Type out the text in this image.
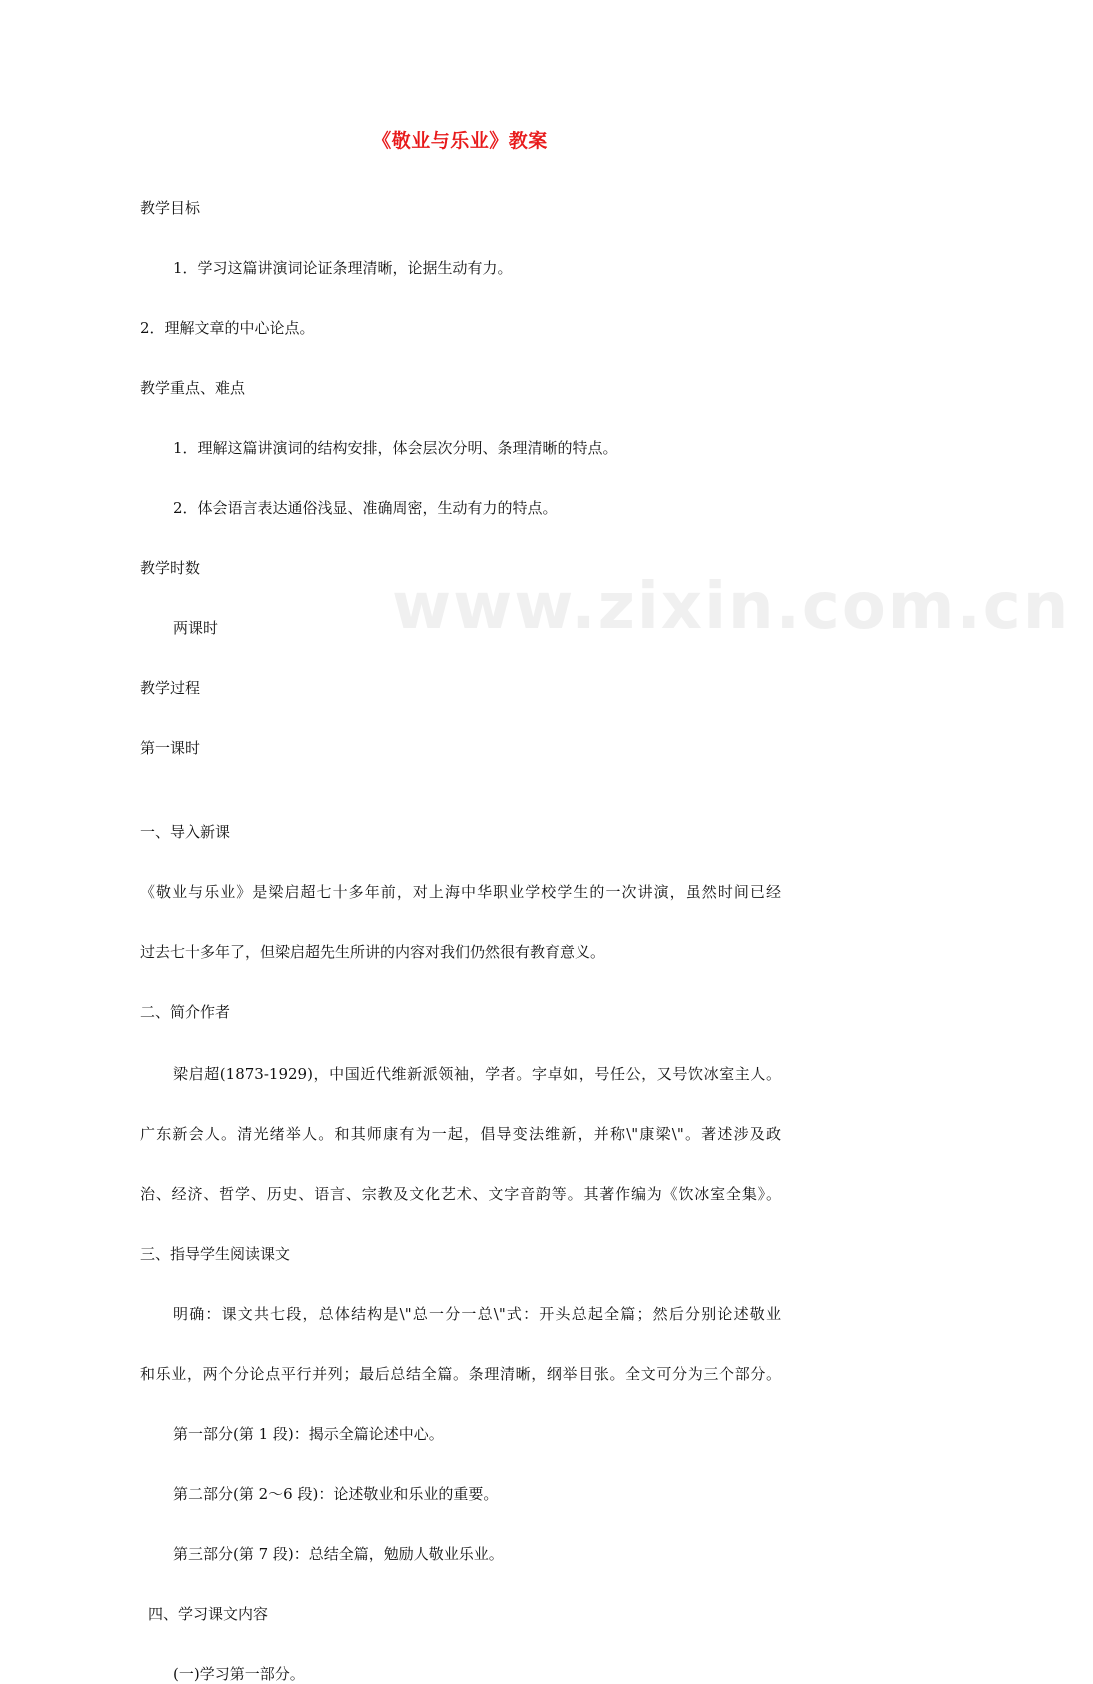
www.zixin.com.cn
《敬业与乐业》教案
教学目标
1．学习这篇讲演词论证条理清晰，论据生动有力。
2．理解文章的中心论点。
教学重点、难点
1．理解这篇讲演词的结构安排，体会层次分明、条理清晰的特点。
2．体会语言表达通俗浅显、准确周密，生动有力的特点。
教学时数
两课时
教学过程
第一课时
一、导入新课
《敬业与乐业》是梁启超七十多年前，对上海中华职业学校学生的一次讲演，虽然时间已经
过去七十多年了，但梁启超先生所讲的内容对我们仍然很有教育意义。
二、简介作者
梁启超(1873-1929)，中国近代维新派领袖，学者。字卓如，号任公，又号饮冰室主人。
广东新会人。清光绪举人。和其师康有为一起，倡导变法维新，并称\"康梁\"。著述涉及政
治、经济、哲学、历史、语言、宗教及文化艺术、文字音韵等。其著作编为《饮冰室全集》。
三、指导学生阅读课文
明确：课文共七段，总体结构是\"总一分一总\"式：开头总起全篇；然后分别论述敬业
和乐业，两个分论点平行并列；最后总结全篇。条理清晰，纲举目张。全文可分为三个部分。
第一部分(第 1 段)：揭示全篇论述中心。
第二部分(第 2～6 段)：论述敬业和乐业的重要。
第三部分(第 7 段)：总结全篇，勉励人敬业乐业。
四、学习课文内容
(一)学习第一部分。
